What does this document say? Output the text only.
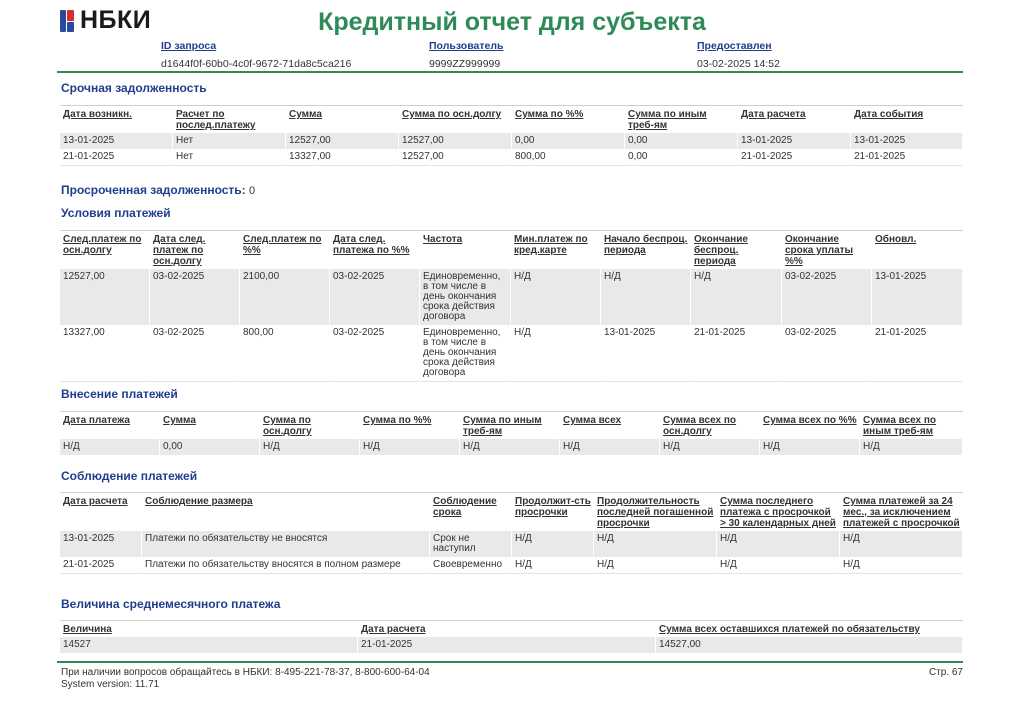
НБКИ	Кредитный отчет для субъекта
ID запроса
d1644f0f-60b0-4c0f-9672-71da8c5ca216
Пользователь
9999ZZ999999
Предоставлен
03-02-2025 14:52
Срочная задолженность
Дата возникн.	Расчет по послед.платежу	Сумма	Сумма по осн.долгу	Сумма по %%	Сумма по иным треб-ям	Дата расчета	Дата события
13-01-2025	Нет	12527,00	12527,00	0,00	0,00	13-01-2025	13-01-2025
21-01-2025	Нет	13327,00	12527,00	800,00	0,00	21-01-2025	21-01-2025
Просроченная задолженность: 0
Условия платежей
След.платеж по осн.долгу	Дата след. платеж по осн.долгу	След.платеж по %%	Дата след. платежа по %%	Частота	Мин.платеж по кред.карте	Начало беспроц. периода	Окончание беспроц. периода	Окончание срока уплаты %%	Обновл.
12527,00	03-02-2025	2100,00	03-02-2025	Единовременно, в том числе в день окончания срока действия договора	Н/Д	Н/Д	Н/Д	03-02-2025	13-01-2025
13327,00	03-02-2025	800,00	03-02-2025	Единовременно, в том числе в день окончания срока действия договора	Н/Д	13-01-2025	21-01-2025	03-02-2025	21-01-2025
Внесение платежей
Дата платежа	Сумма	Сумма по осн.долгу	Сумма по %%	Сумма по иным треб-ям	Сумма всех	Сумма всех по осн.долгу	Сумма всех по %%	Сумма всех по иным треб-ям
Н/Д	0,00	Н/Д	Н/Д	Н/Д	Н/Д	Н/Д	Н/Д	Н/Д
Соблюдение платежей
Дата расчета	Соблюдение размера	Соблюдение срока	Продолжит-сть просрочки	Продолжительность последней погашенной просрочки	Сумма последнего платежа с просрочкой > 30 календарных дней	Сумма платежей за 24 мес., за исключением платежей с просрочкой
13-01-2025	Платежи по обязательству не вносятся	Срок не наступил	Н/Д	Н/Д	Н/Д	Н/Д
21-01-2025	Платежи по обязательству вносятся в полном размере	Своевременно	Н/Д	Н/Д	Н/Д	Н/Д
Величина среднемесячного платежа
Величина	Дата расчета	Сумма всех оставшихся платежей по обязательству
14527	21-01-2025	14527,00
При наличии вопросов обращайтесь в НБКИ: 8-495-221-78-37, 8-800-600-64-04
System version: 11.71
Стр. 67
